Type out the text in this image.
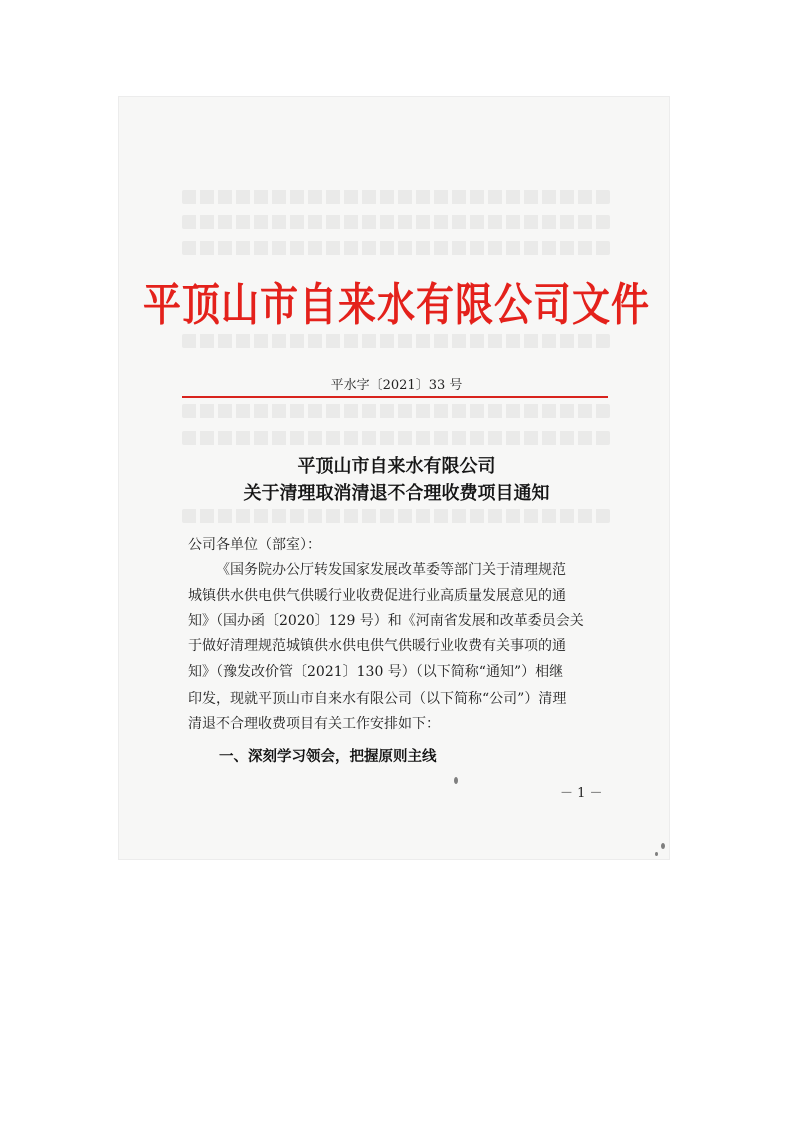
平顶山市自来水有限公司文件
平水字〔2021〕33 号
平顶山市自来水有限公司
关于清理取消清退不合理收费项目通知
公司各单位（部室）：
《国务院办公厅转发国家发展改革委等部门关于清理规范
城镇供水供电供气供暖行业收费促进行业高质量发展意见的通
知》（国办函〔2020〕129 号）和《河南省发展和改革委员会关
于做好清理规范城镇供水供电供气供暖行业收费有关事项的通
知》（豫发改价管〔2021〕130 号）（以下简称“通知”）相继
印发，现就平顶山市自来水有限公司（以下简称“公司”）清理
清退不合理收费项目有关工作安排如下：
一、深刻学习领会，把握原则主线
－ 1 －
